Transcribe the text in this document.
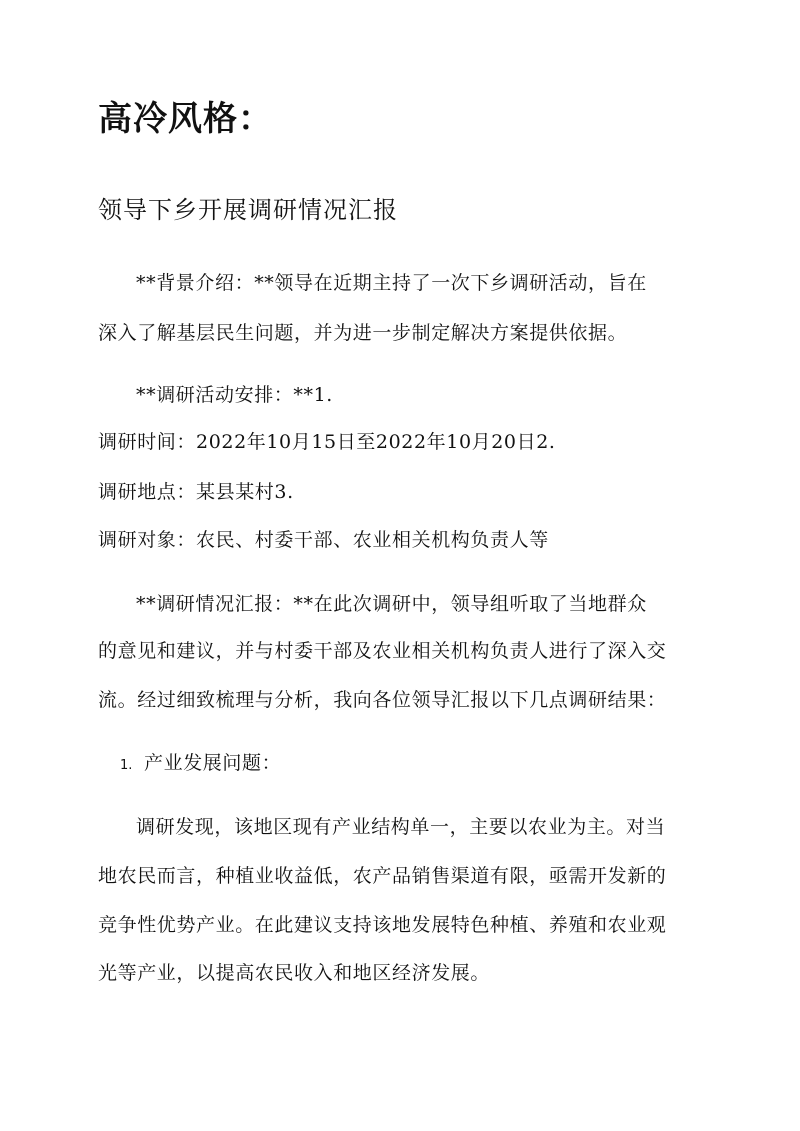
高冷风格：
领导下乡开展调研情况汇报

**背景介绍：**领导在近期主持了一次下乡调研活动，旨在

深入了解基层民生问题，并为进一步制定解决方案提供依据。

**调研活动安排：**1.

调研时间：2022年10月15日至2022年10月20日2.

调研地点：某县某村3.

调研对象：农民、村委干部、农业相关机构负责人等

**调研情况汇报：**在此次调研中，领导组听取了当地群众

的意见和建议，并与村委干部及农业相关机构负责人进行了深入交

流。经过细致梳理与分析，我向各位领导汇报以下几点调研结果：

1. 产业发展问题：

调研发现，该地区现有产业结构单一，主要以农业为主。对当

地农民而言，种植业收益低，农产品销售渠道有限，亟需开发新的

竞争性优势产业。在此建议支持该地发展特色种植、养殖和农业观

光等产业，以提高农民收入和地区经济发展。
